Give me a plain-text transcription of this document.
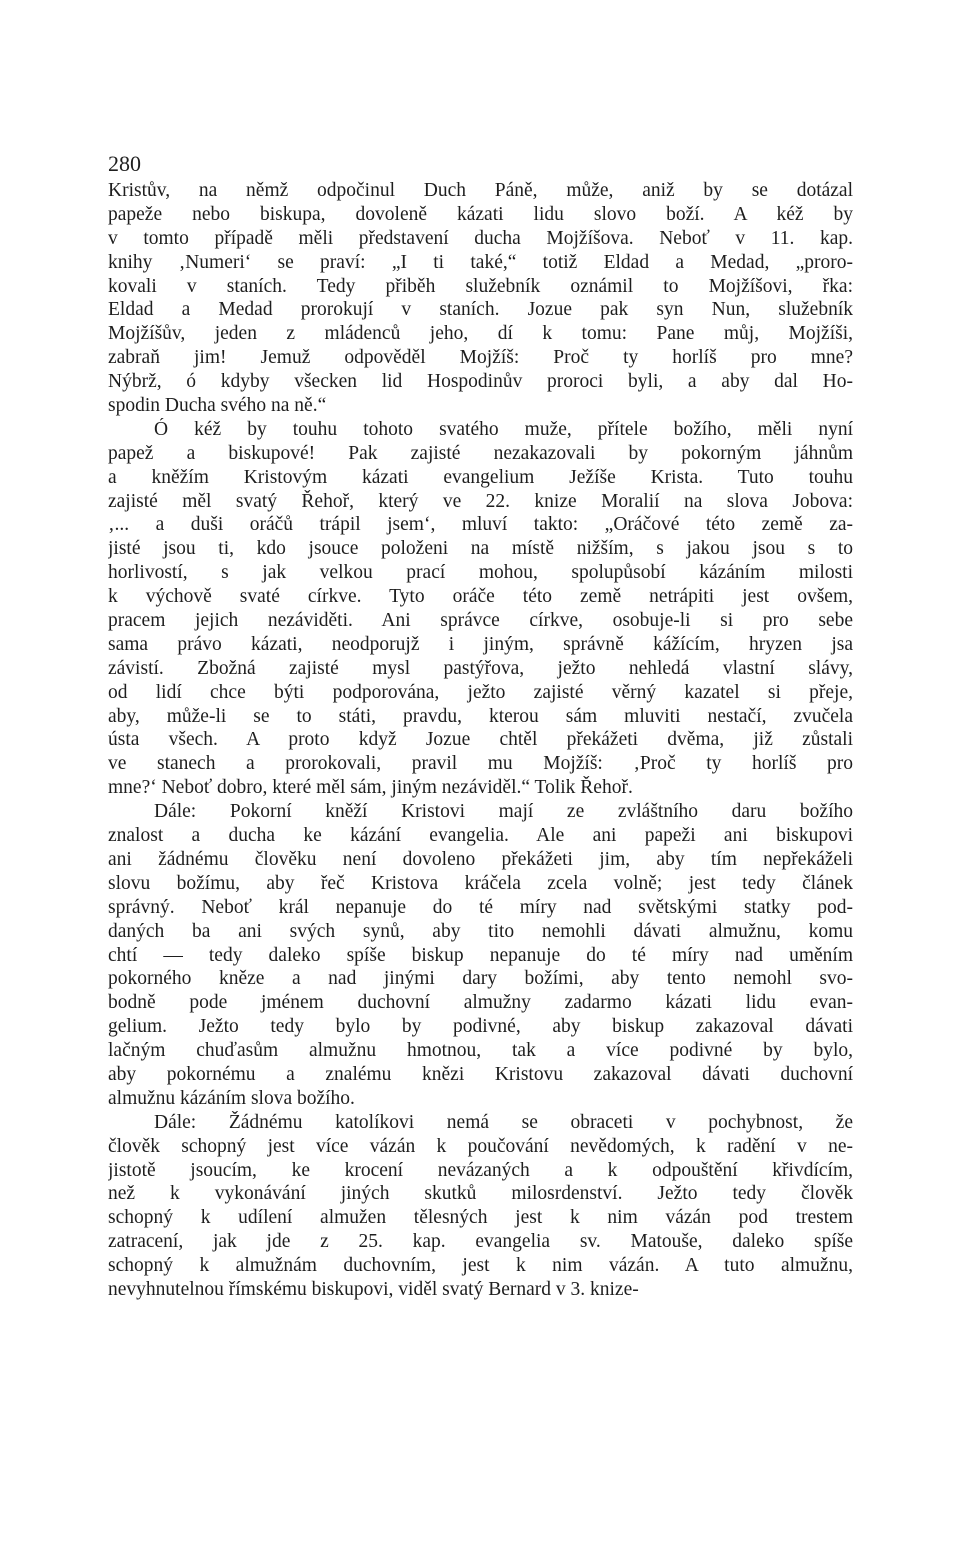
280
Kristův, na němž odpočinul Duch Páně, může, aniž by se dotázal
papeže nebo biskupa, dovoleně kázati lidu slovo boží. A kéž by
v tomto případě měli představení ducha Mojžíšova. Neboť v 11. kap.
knihy ‚Numeri‘ se praví: „I ti také,“ totiž Eldad a Medad, „proro-
kovali v staních. Tedy přiběh služebník oznámil to Mojžíšovi, řka:
Eldad a Medad prorokují v staních. Jozue pak syn Nun, služebník
Mojžíšův, jeden z mládenců jeho, dí k tomu: Pane můj, Mojžíši,
zabraň jim! Jemuž odpověděl Mojžíš: Proč ty horlíš pro mne?
Nýbrž, ó kdyby všecken lid Hospodinův proroci byli, a aby dal Ho-
spodin Ducha svého na ně.“
Ó kéž by touhu tohoto svatého muže, přítele božího, měli nyní
papež a biskupové! Pak zajisté nezakazovali by pokorným jáhnům
a kněžím Kristovým kázati evangelium Ježíše Krista. Tuto touhu
zajisté měl svatý Řehoř, který ve 22. knize Moralií na slova Jobova:
‚... a duši oráčů trápil jsem‘, mluví takto: „Oráčové této země za-
jisté jsou ti, kdo jsouce položeni na místě nižším, s jakou jsou s to
horlivostí, s jak velkou prací mohou, spolupůsobí kázáním milosti
k výchově svaté církve. Tyto oráče této země netrápiti jest ovšem,
pracem jejich nezáviděti. Ani správce církve, osobuje-li si pro sebe
sama právo kázati, neodporujž i jiným, správně kážícím, hryzen jsa
závistí. Zbožná zajisté mysl pastýřova, ježto nehledá vlastní slávy,
od lidí chce býti podporována, ježto zajisté věrný kazatel si přeje,
aby, může-li se to státi, pravdu, kterou sám mluviti nestačí, zvučela
ústa všech. A proto když Jozue chtěl překážeti dvěma, již zůstali
ve stanech a prorokovali, pravil mu Mojžíš: ‚Proč ty horlíš pro
mne?‘ Neboť dobro, které měl sám, jiným nezáviděl.“ Tolik Řehoř.
Dále: Pokorní kněží Kristovi mají ze zvláštního daru božího
znalost a ducha ke kázání evangelia. Ale ani papeži ani biskupovi
ani žádnému člověku není dovoleno překážeti jim, aby tím nepřekáželi
slovu božímu, aby řeč Kristova kráčela zcela volně; jest tedy článek
správný. Neboť král nepanuje do té míry nad světskými statky pod-
daných ba ani svých synů, aby tito nemohli dávati almužnu, komu
chtí — tedy daleko spíše biskup nepanuje do té míry nad uměním
pokorného kněze a nad jinými dary božími, aby tento nemohl svo-
bodně pode jménem duchovní almužny zadarmo kázati lidu evan-
gelium. Ježto tedy bylo by podivné, aby biskup zakazoval dávati
lačným chuďasům almužnu hmotnou, tak a více podivné by bylo,
aby pokornému a znalému knězi Kristovu zakazoval dávati duchovní
almužnu kázáním slova božího.
Dále: Žádnému katolíkovi nemá se obraceti v pochybnost, že
člověk schopný jest více vázán k poučování nevědomých, k radění v ne-
jistotě jsoucím, ke krocení nevázaných a k odpouštění křivdícím,
než k vykonávání jiných skutků milosrdenství. Ježto tedy člověk
schopný k udílení almužen tělesných jest k nim vázán pod trestem
zatracení, jak jde z 25. kap. evangelia sv. Matouše, daleko spíše
schopný k almužnám duchovním, jest k nim vázán. A tuto almužnu,
nevyhnutelnou římskému biskupovi, viděl svatý Bernard v 3. knize-
